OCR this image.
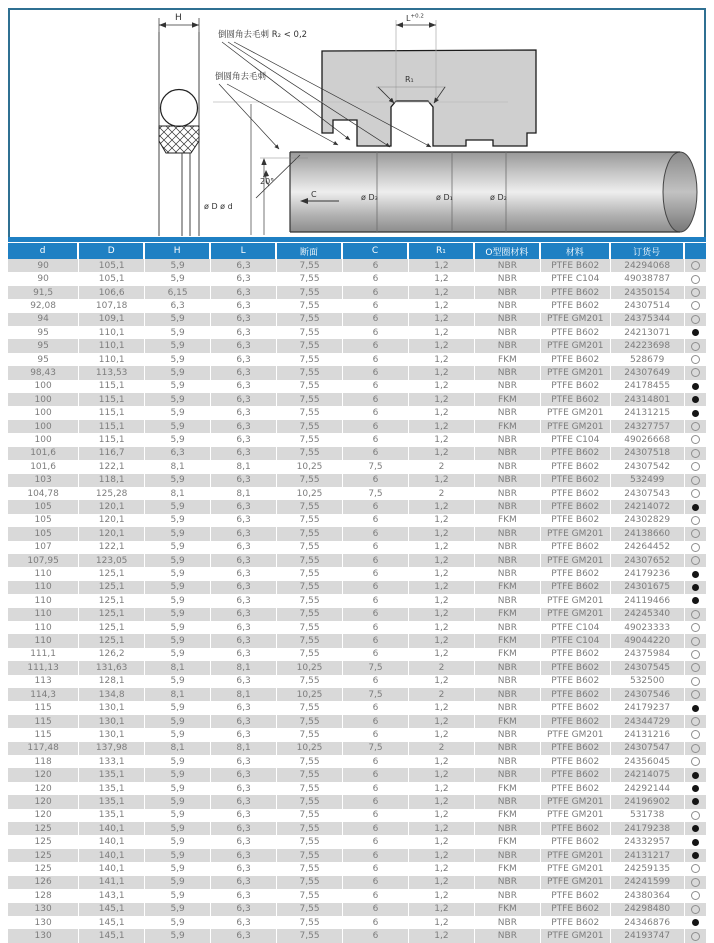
H
ø D ø d
C
20°
$L^{+0.2}$
R₁
倒圆角去毛刺 R₂ < 0,2
倒圆角去毛刺
ø D₃	ø D₁	ø D₂
d	D	H	L	断面	C	R₁	O型圈材料	材料	订货号
90	105,1	5,9	6,3	7,55	6	1,2	NBR	PTFE B602	24294068
90	105,1	5,9	6,3	7,55	6	1,2	NBR	PTFE C104	49038787
91,5	106,6	6,15	6,3	7,55	6	1,2	NBR	PTFE B602	24350154
92,08	107,18	6,3	6,3	7,55	6	1,2	NBR	PTFE B602	24307514
94	109,1	5,9	6,3	7,55	6	1,2	NBR	PTFE GM201	24375344
95	110,1	5,9	6,3	7,55	6	1,2	NBR	PTFE B602	24213071
95	110,1	5,9	6,3	7,55	6	1,2	NBR	PTFE GM201	24223698
95	110,1	5,9	6,3	7,55	6	1,2	FKM	PTFE B602	528679
98,43	113,53	5,9	6,3	7,55	6	1,2	NBR	PTFE GM201	24307649
100	115,1	5,9	6,3	7,55	6	1,2	NBR	PTFE B602	24178455
100	115,1	5,9	6,3	7,55	6	1,2	FKM	PTFE B602	24314801
100	115,1	5,9	6,3	7,55	6	1,2	NBR	PTFE GM201	24131215
100	115,1	5,9	6,3	7,55	6	1,2	FKM	PTFE GM201	24327757
100	115,1	5,9	6,3	7,55	6	1,2	NBR	PTFE C104	49026668
101,6	116,7	6,3	6,3	7,55	6	1,2	NBR	PTFE B602	24307518
101,6	122,1	8,1	8,1	10,25	7,5	2	NBR	PTFE B602	24307542
103	118,1	5,9	6,3	7,55	6	1,2	NBR	PTFE B602	532499
104,78	125,28	8,1	8,1	10,25	7,5	2	NBR	PTFE B602	24307543
105	120,1	5,9	6,3	7,55	6	1,2	NBR	PTFE B602	24214072
105	120,1	5,9	6,3	7,55	6	1,2	FKM	PTFE B602	24302829
105	120,1	5,9	6,3	7,55	6	1,2	NBR	PTFE GM201	24138660
107	122,1	5,9	6,3	7,55	6	1,2	NBR	PTFE B602	24264452
107,95	123,05	5,9	6,3	7,55	6	1,2	NBR	PTFE GM201	24307652
110	125,1	5,9	6,3	7,55	6	1,2	NBR	PTFE B602	24179236
110	125,1	5,9	6,3	7,55	6	1,2	FKM	PTFE B602	24301675
110	125,1	5,9	6,3	7,55	6	1,2	NBR	PTFE GM201	24119466
110	125,1	5,9	6,3	7,55	6	1,2	FKM	PTFE GM201	24245340
110	125,1	5,9	6,3	7,55	6	1,2	NBR	PTFE C104	49023333
110	125,1	5,9	6,3	7,55	6	1,2	FKM	PTFE C104	49044220
111,1	126,2	5,9	6,3	7,55	6	1,2	FKM	PTFE B602	24375984
111,13	131,63	8,1	8,1	10,25	7,5	2	NBR	PTFE B602	24307545
113	128,1	5,9	6,3	7,55	6	1,2	NBR	PTFE B602	532500
114,3	134,8	8,1	8,1	10,25	7,5	2	NBR	PTFE B602	24307546
115	130,1	5,9	6,3	7,55	6	1,2	NBR	PTFE B602	24179237
115	130,1	5,9	6,3	7,55	6	1,2	FKM	PTFE B602	24344729
115	130,1	5,9	6,3	7,55	6	1,2	NBR	PTFE GM201	24131216
117,48	137,98	8,1	8,1	10,25	7,5	2	NBR	PTFE B602	24307547
118	133,1	5,9	6,3	7,55	6	1,2	NBR	PTFE B602	24356045
120	135,1	5,9	6,3	7,55	6	1,2	NBR	PTFE B602	24214075
120	135,1	5,9	6,3	7,55	6	1,2	FKM	PTFE B602	24292144
120	135,1	5,9	6,3	7,55	6	1,2	NBR	PTFE GM201	24196902
120	135,1	5,9	6,3	7,55	6	1,2	FKM	PTFE GM201	531738
125	140,1	5,9	6,3	7,55	6	1,2	NBR	PTFE B602	24179238
125	140,1	5,9	6,3	7,55	6	1,2	FKM	PTFE B602	24332957
125	140,1	5,9	6,3	7,55	6	1,2	NBR	PTFE GM201	24131217
125	140,1	5,9	6,3	7,55	6	1,2	FKM	PTFE GM201	24259135
126	141,1	5,9	6,3	7,55	6	1,2	NBR	PTFE GM201	24241599
128	143,1	5,9	6,3	7,55	6	1,2	NBR	PTFE B602	24380364
130	145,1	5,9	6,3	7,55	6	1,2	FKM	PTFE B602	24298480
130	145,1	5,9	6,3	7,55	6	1,2	NBR	PTFE B602	24346876
130	145,1	5,9	6,3	7,55	6	1,2	NBR	PTFE GM201	24193747
